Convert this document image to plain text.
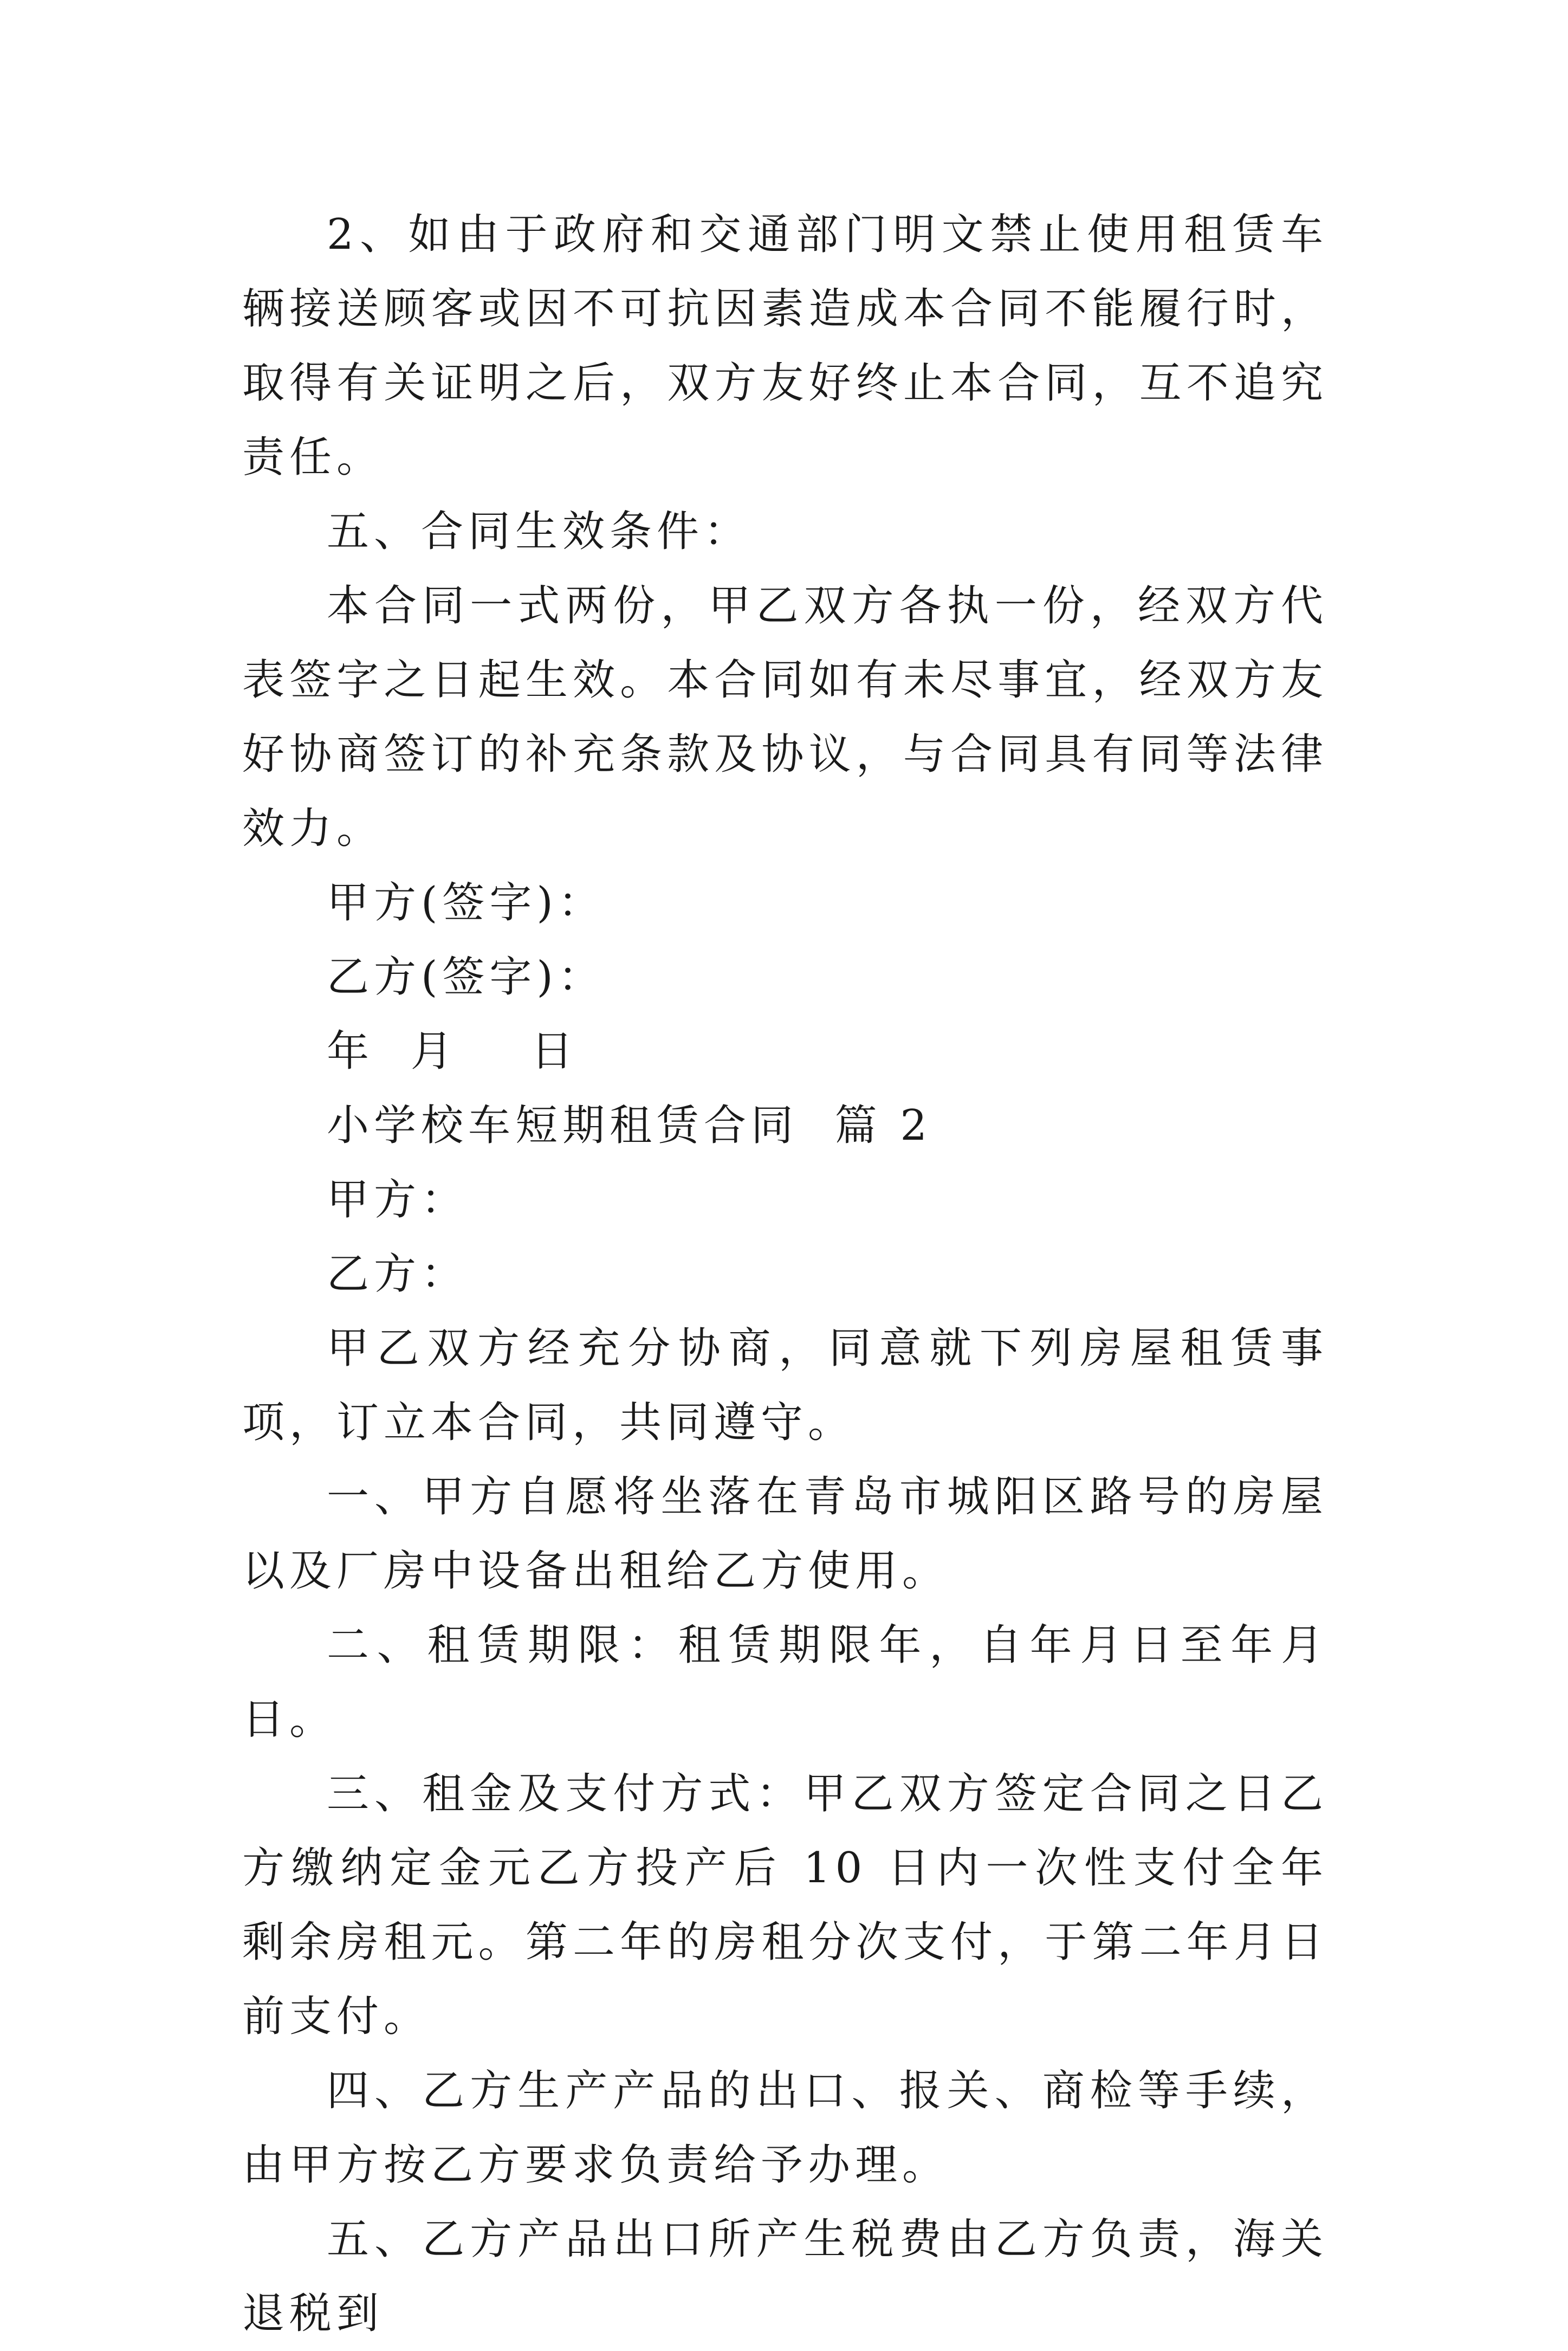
2、如由于政府和交通部门明文禁止使用租赁车辆接送顾客或因不可抗因素造成本合同不能履行时，取得有关证明之后，双方友好终止本合同，互不追究责任。

五、合同生效条件：

本合同一式两份，甲乙双方各执一份，经双方代表签字之日起生效。本合同如有未尽事宜，经双方友好协商签订的补充条款及协议，与合同具有同等法律效力。

甲方(签字)：

乙方(签字)：

年  月    日

小学校车短期租赁合同  篇 2

甲方：

乙方：

甲乙双方经充分协商，同意就下列房屋租赁事项，订立本合同，共同遵守。

一、甲方自愿将坐落在青岛市城阳区路号的房屋以及厂房中设备出租给乙方使用。

二、租赁期限：租赁期限年，自年月日至年月日。

三、租金及支付方式：甲乙双方签定合同之日乙方缴纳定金元乙方投产后 10 日内一次性支付全年剩余房租元。第二年的房租分次支付，于第二年月日前支付。

四、乙方生产产品的出口、报关、商检等手续，由甲方按乙方要求负责给予办理。

五、乙方产品出口所产生税费由乙方负责，海关退税到
